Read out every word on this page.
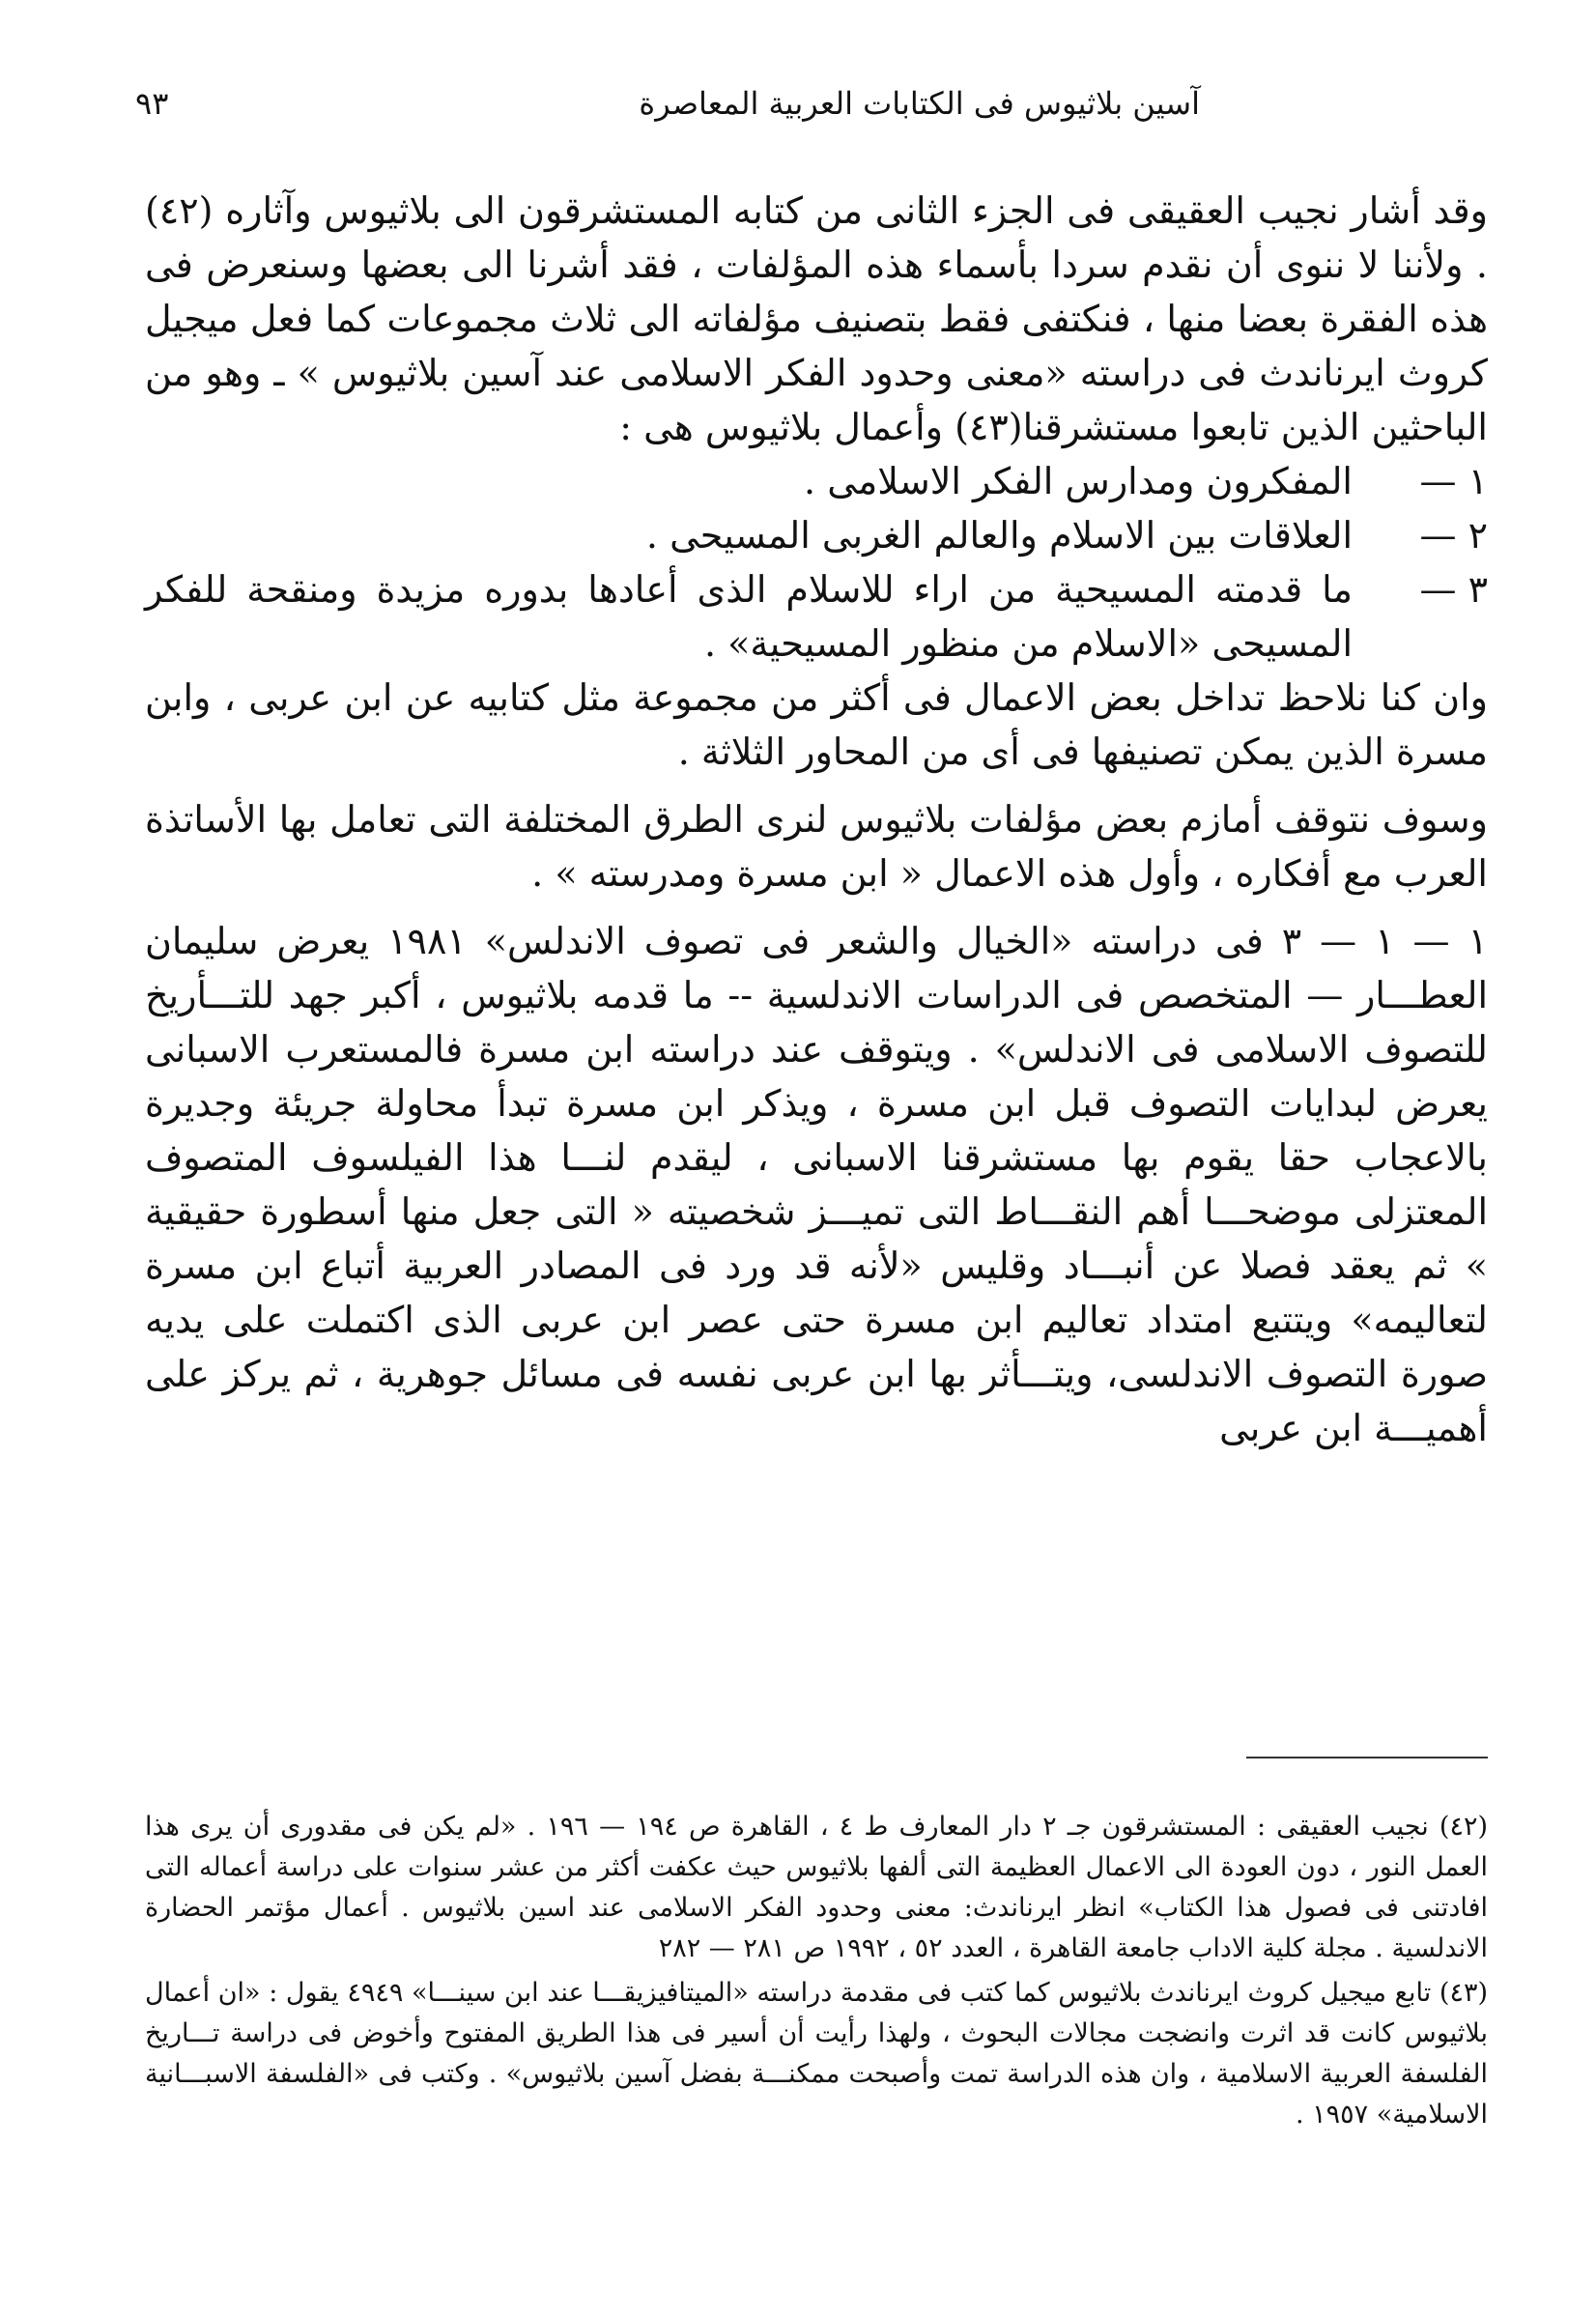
آسين بلاثيوس فى الكتابات العربية المعاصرة
٩٣

وقد أشار نجيب العقيقى فى الجزء الثانى من كتابه المستشرقون الى بلاثيوس وآثاره (٤٢) . ولأننا لا ننوى أن نقدم سردا بأسماء هذه المؤلفات ، فقد أشرنا الى بعضها وسنعرض فى هذه الفقرة بعضا منها ، فنكتفى فقط بتصنيف مؤلفاته الى ثلاث مجموعات كما فعل ميجيل كروث ايرناندث فى دراسته «معنى وحدود الفكر الاسلامى عند آسين بلاثيوس » ـ وهو من الباحثين الذين تابعوا مستشرقنا(٤٣) وأعمال بلاثيوس هى :

١ —
المفكرون ومدارس الفكر الاسلامى .
٢ —
العلاقات بين الاسلام والعالم الغربى المسيحى .
٣ —
ما قدمته المسيحية من اراء للاسلام الذى أعادها بدوره مزيدة ومنقحة للفكر المسيحى «الاسلام من منظور المسيحية» .

وان كنا نلاحظ تداخل بعض الاعمال فى أكثر من مجموعة مثل كتابيه عن ابن عربى ، وابن مسرة الذين يمكن تصنيفها فى أى من المحاور الثلاثة .

وسوف نتوقف أمازم بعض مؤلفات بلاثيوس لنرى الطرق المختلفة التى تعامل بها الأساتذة العرب مع أفكاره ، وأول هذه الاعمال « ابن مسرة ومدرسته » .

١ — ١ — ٣ فى دراسته «الخيال والشعر فى تصوف الاندلس» ١٩٨١ يعرض سليمان العطـــار — المتخصص فى الدراسات الاندلسية -- ما قدمه بلاثيوس ، أكبر جهد للتـــأريخ للتصوف الاسلامى فى الاندلس» . ويتوقف عند دراسته ابن مسرة فالمستعرب الاسبانى يعرض لبدايات التصوف قبل ابن مسرة ، ويذكر ابن مسرة تبدأ محاولة جريئة وجديرة بالاعجاب حقا يقوم بها مستشرقنا الاسبانى ، ليقدم لنـــا هذا الفيلسوف المتصوف المعتزلى موضحـــا أهم النقـــاط التى تميـــز شخصيته « التى جعل منها أسطورة حقيقية » ثم يعقد فصلا عن أنبـــاد وقليس «لأنه قد ورد فى المصادر العربية أتباع ابن مسرة لتعاليمه» ويتتبع امتداد تعاليم ابن مسرة حتى عصر ابن عربى الذى اكتملت على يديه صورة التصوف الاندلسى، ويتـــأثر بها ابن عربى نفسه فى مسائل جوهرية ، ثم يركز على أهميـــة ابن عربى

(٤٢) نجيب العقيقى : المستشرقون جـ ٢ دار المعارف ط ٤ ، القاهرة ص ١٩٤ — ١٩٦ . «لم يكن فى مقدورى أن يرى هذا العمل النور ، دون العودة الى الاعمال العظيمة التى ألفها بلاثيوس حيث عكفت أكثر من عشر سنوات على دراسة أعماله التى افادتنى فى فصول هذا الكتاب» انظر ايرناندث: معنى وحدود الفكر الاسلامى عند اسين بلاثيوس . أعمال مؤتمر الحضارة الاندلسية . مجلة كلية الاداب جامعة القاهرة ، العدد ٥٢ ، ١٩٩٢ ص ٢٨١ — ٢٨٢

(٤٣) تابع ميجيل كروث ايرناندث بلاثيوس كما كتب فى مقدمة دراسته «الميتافيزيقـــا عند ابن سينـــا» ٤٩٤٩ يقول : «ان أعمال بلاثيوس كانت قد اثرت وانضجت مجالات البحوث ، ولهذا رأيت أن أسير فى هذا الطريق المفتوح وأخوض فى دراسة تـــاريخ الفلسفة العربية الاسلامية ، وان هذه الدراسة تمت وأصبحت ممكنـــة بفضل آسين بلاثيوس» . وكتب فى «الفلسفة الاسبـــانية الاسلامية» ١٩٥٧ .
